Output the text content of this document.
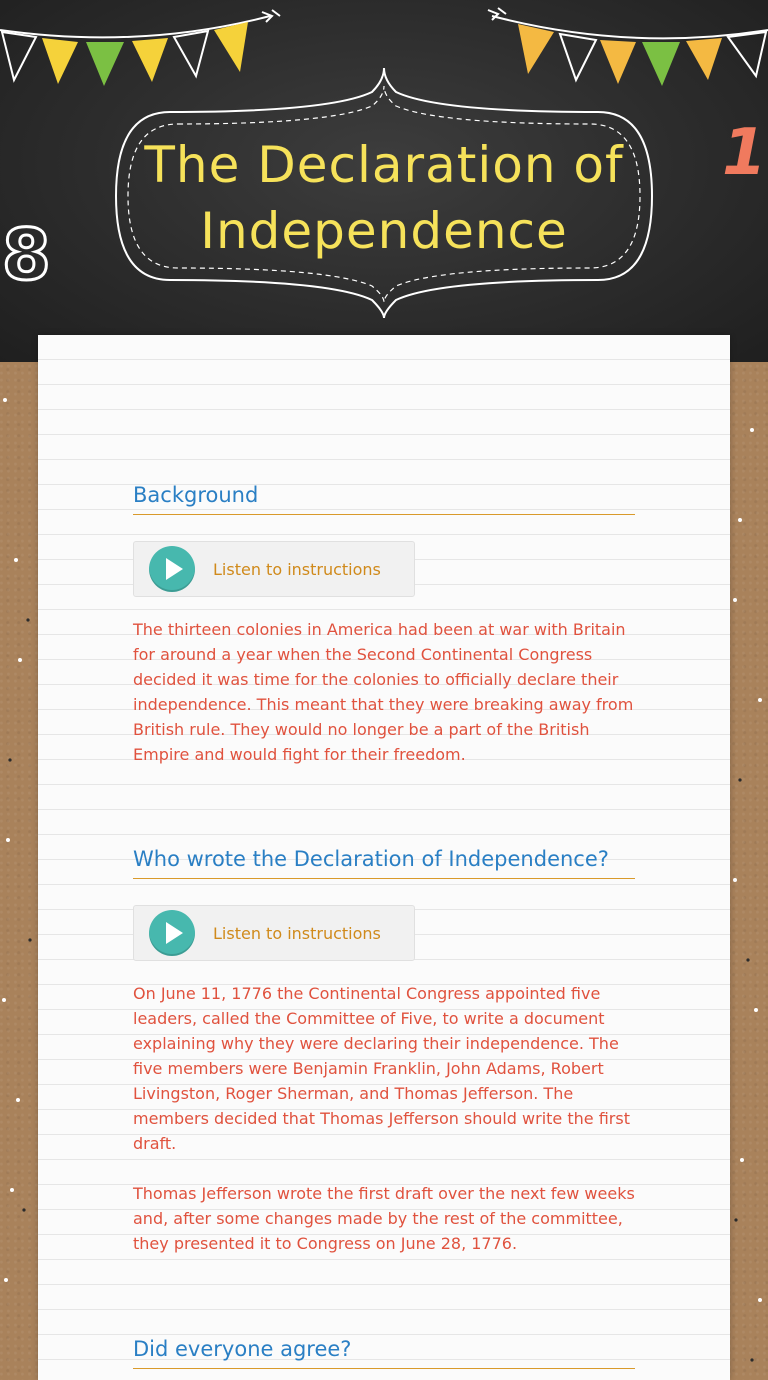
The Declaration of
Independence
1
8
Background
Listen to instructions

The thirteen colonies in America had been at war with Britain for around a year when the Second Continental Congress decided it was time for the colonies to officially declare their independence. This meant that they were breaking away from British rule. They would no longer be a part of the British Empire and would fight for their freedom.

Who wrote the Declaration of Independence?
Listen to instructions

On June 11, 1776 the Continental Congress appointed five leaders, called the Committee of Five, to write a document explaining why they were declaring their independence. The five members were Benjamin Franklin, John Adams, Robert Livingston, Roger Sherman, and Thomas Jefferson. The members decided that Thomas Jefferson should write the first draft.

Thomas Jefferson wrote the first draft over the next few weeks and, after some changes made by the rest of the committee, they presented it to Congress on June 28, 1776.

Did everyone agree?
